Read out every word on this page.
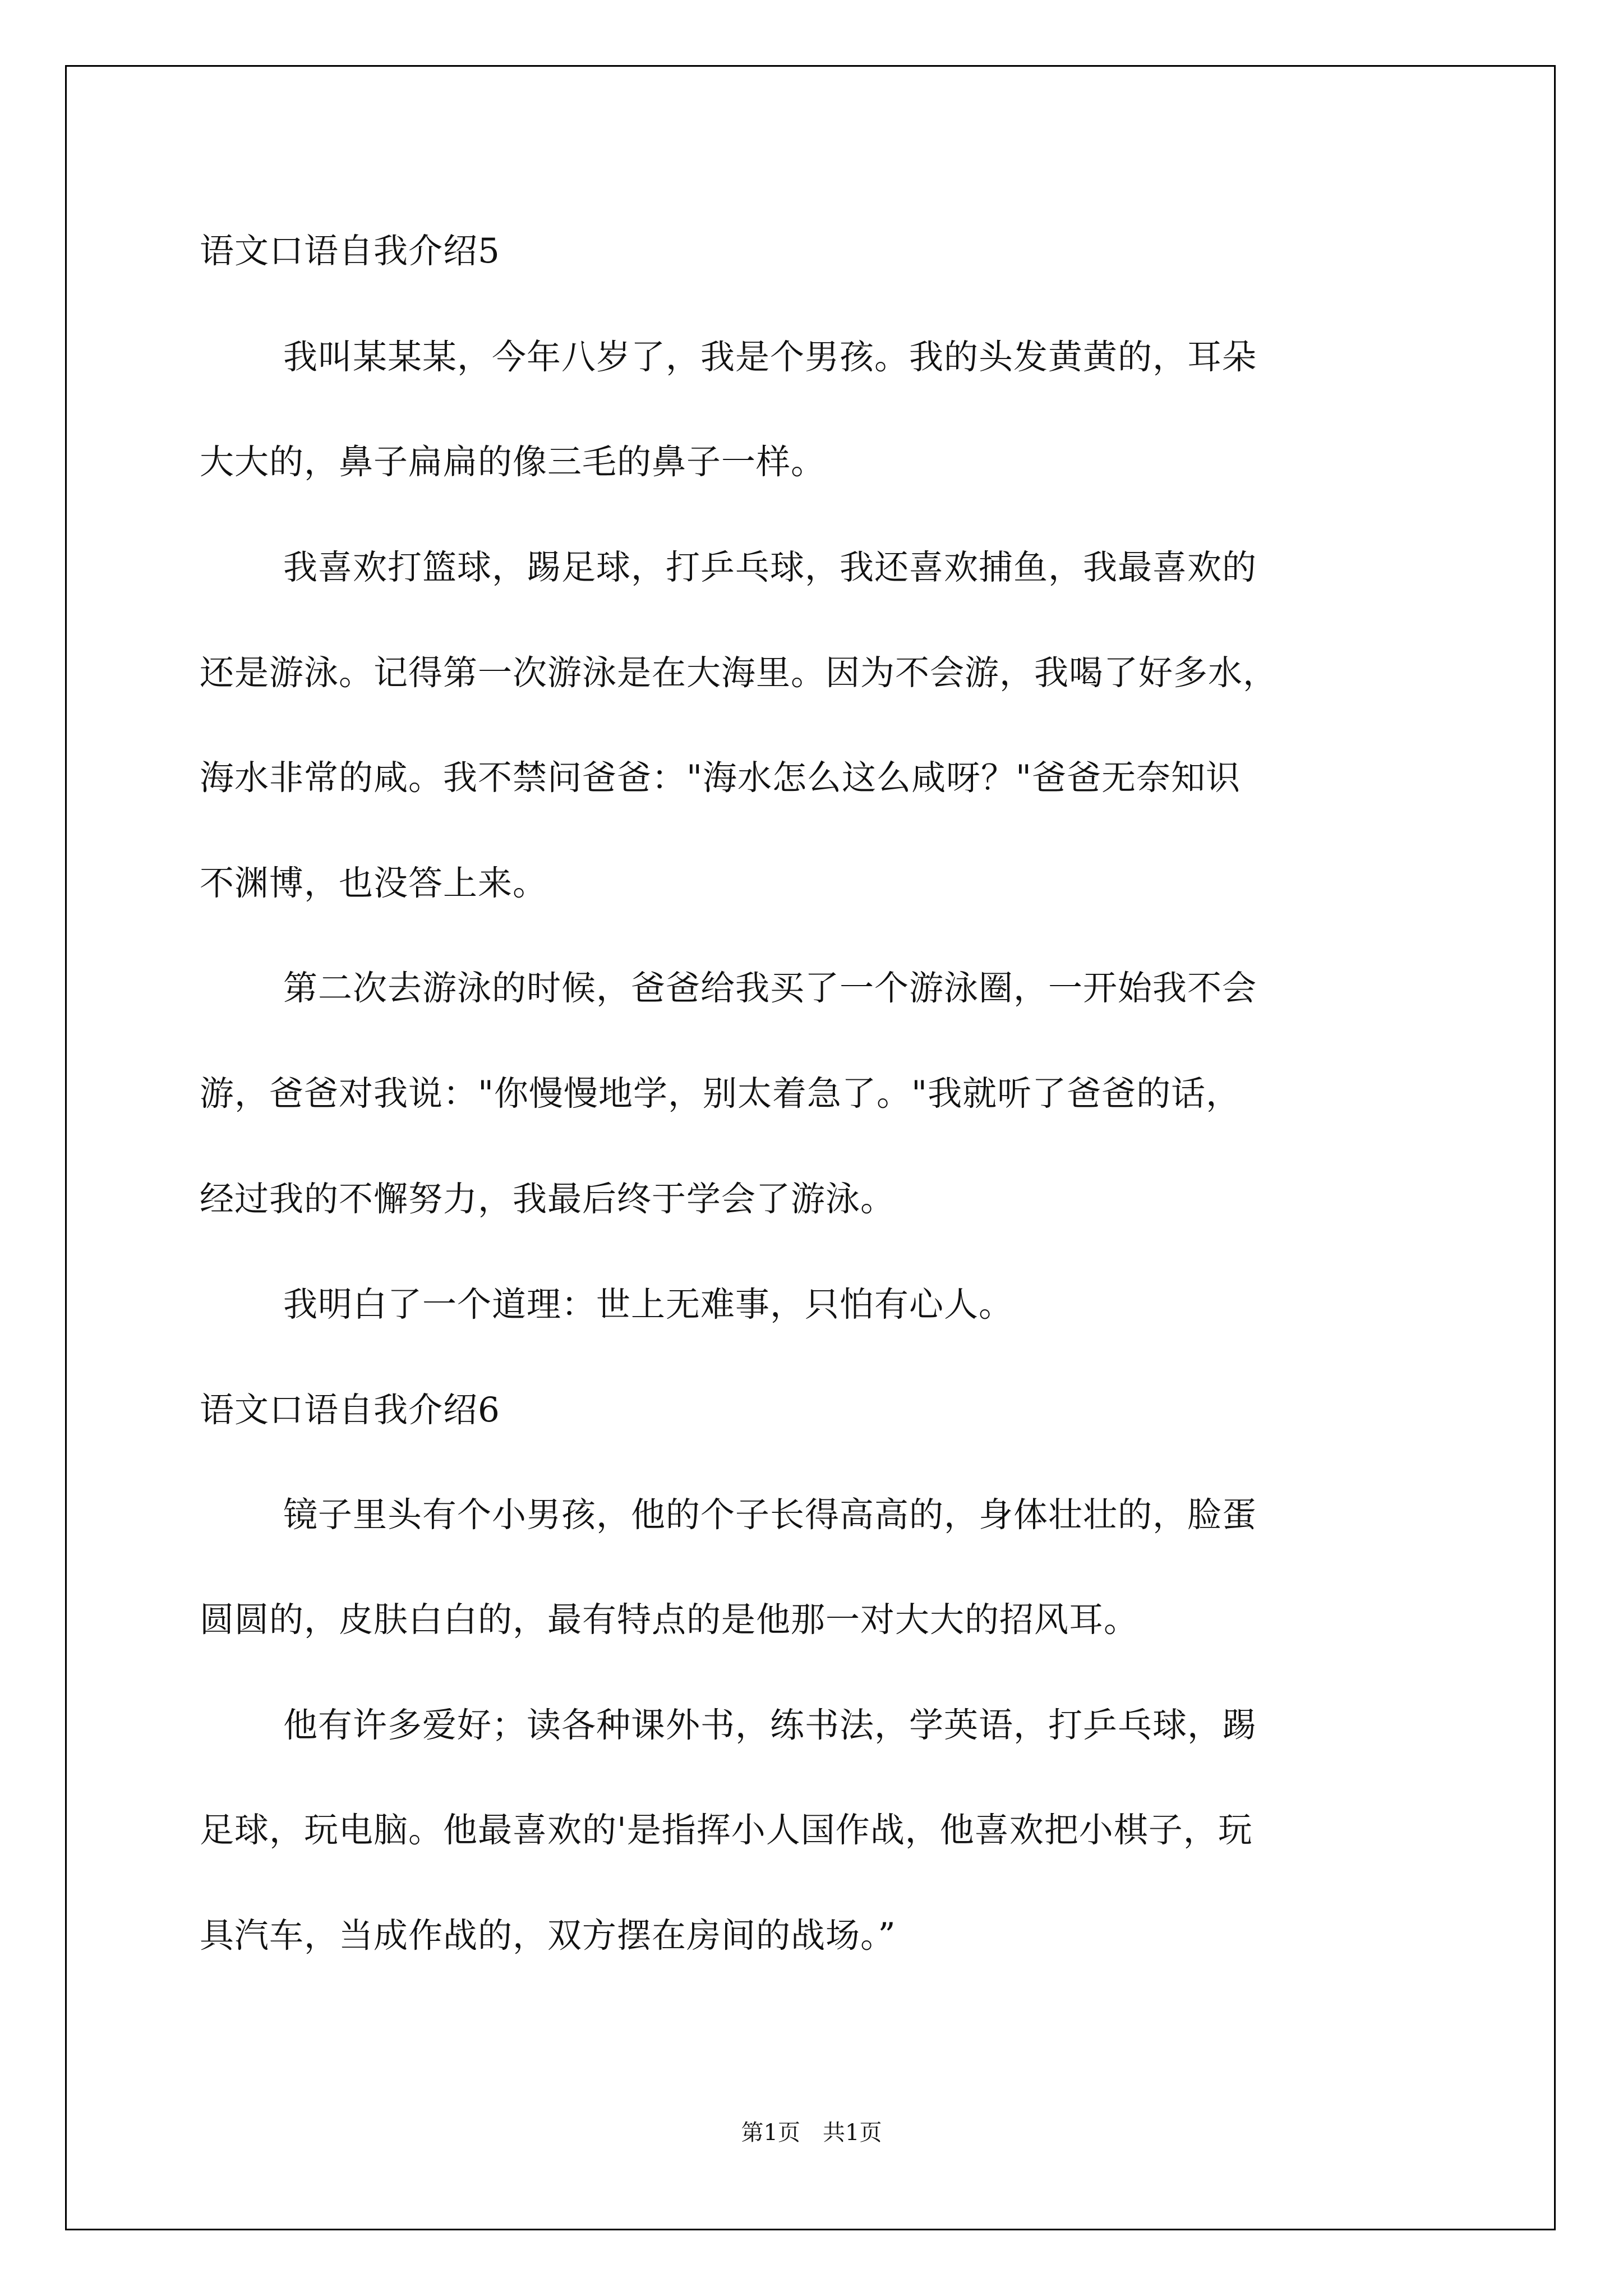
语文口语自我介绍5
我叫某某某，今年八岁了，我是个男孩。我的头发黄黄的，耳朵
大大的，鼻子扁扁的像三毛的鼻子一样。
我喜欢打篮球，踢足球，打乒乓球，我还喜欢捕鱼，我最喜欢的
还是游泳。记得第一次游泳是在大海里。因为不会游，我喝了好多水，
海水非常的咸。我不禁问爸爸："海水怎么这么咸呀？"爸爸无奈知识
不渊博，也没答上来。
第二次去游泳的时候，爸爸给我买了一个游泳圈，一开始我不会
游，爸爸对我说："你慢慢地学，别太着急了。"我就听了爸爸的话，
经过我的不懈努力，我最后终于学会了游泳。
我明白了一个道理：世上无难事，只怕有心人。
语文口语自我介绍6
镜子里头有个小男孩，他的个子长得高高的，身体壮壮的，脸蛋
圆圆的，皮肤白白的，最有特点的是他那一对大大的招风耳。
他有许多爱好；读各种课外书，练书法，学英语，打乒乓球，踢
足球，玩电脑。他最喜欢的'是指挥小人国作战，他喜欢把小棋子，玩
具汽车，当成作战的，双方摆在房间的战场。”
第1页 共1页
